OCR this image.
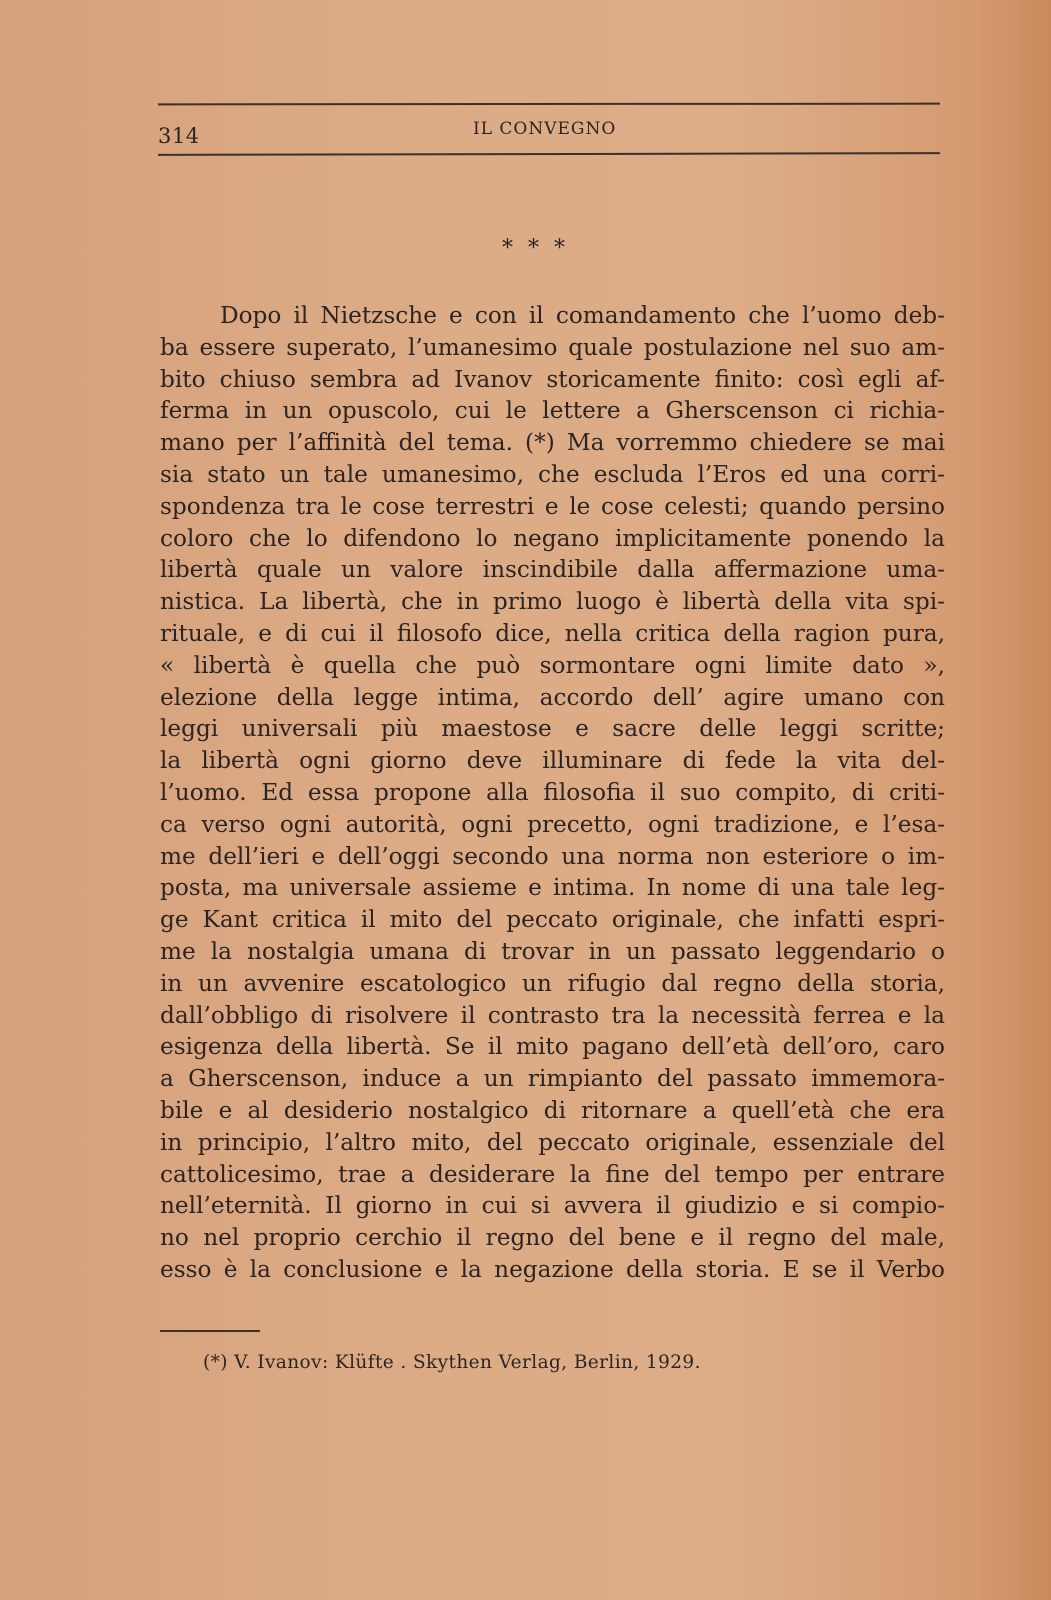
314	IL CONVEGNO
* * *
Dopo il Nietzsche e con il comandamento che l’uomo deb-
ba essere superato, l’umanesimo quale postulazione nel suo am-
bito chiuso sembra ad Ivanov storicamente finito: così egli af-
ferma in un opuscolo, cui le lettere a Gherscenson ci richia-
mano per l’affinità del tema. (*) Ma vorremmo chiedere se mai
sia stato un tale umanesimo, che escluda l’Eros ed una corri-
spondenza tra le cose terrestri e le cose celesti; quando persino
coloro che lo difendono lo negano implicitamente ponendo la
libertà quale un valore inscindibile dalla affermazione uma-
nistica. La libertà, che in primo luogo è libertà della vita spi-
rituale, e di cui il filosofo dice, nella critica della ragion pura,
« libertà è quella che può sormontare ogni limite dato »,
elezione della legge intima, accordo dell’ agire umano con
leggi universali più maestose e sacre delle leggi scritte;
la libertà ogni giorno deve illuminare di fede la vita del-
l’uomo. Ed essa propone alla filosofia il suo compito, di criti-
ca verso ogni autorità, ogni precetto, ogni tradizione, e l’esa-
me dell’ieri e dell’oggi secondo una norma non esteriore o im-
posta, ma universale assieme e intima. In nome di una tale leg-
ge Kant critica il mito del peccato originale, che infatti espri-
me la nostalgia umana di trovar in un passato leggendario o
in un avvenire escatologico un rifugio dal regno della storia,
dall’obbligo di risolvere il contrasto tra la necessità ferrea e la
esigenza della libertà. Se il mito pagano dell’età dell’oro, caro
a Gherscenson, induce a un rimpianto del passato immemora-
bile e al desiderio nostalgico di ritornare a quell’età che era
in principio, l’altro mito, del peccato originale, essenziale del
cattolicesimo, trae a desiderare la fine del tempo per entrare
nell’eternità. Il giorno in cui si avvera il giudizio e si compio-
no nel proprio cerchio il regno del bene e il regno del male,
esso è la conclusione e la negazione della storia. E se il Verbo
(*) V. Ivanov: Klüfte . Skythen Verlag, Berlin, 1929.
